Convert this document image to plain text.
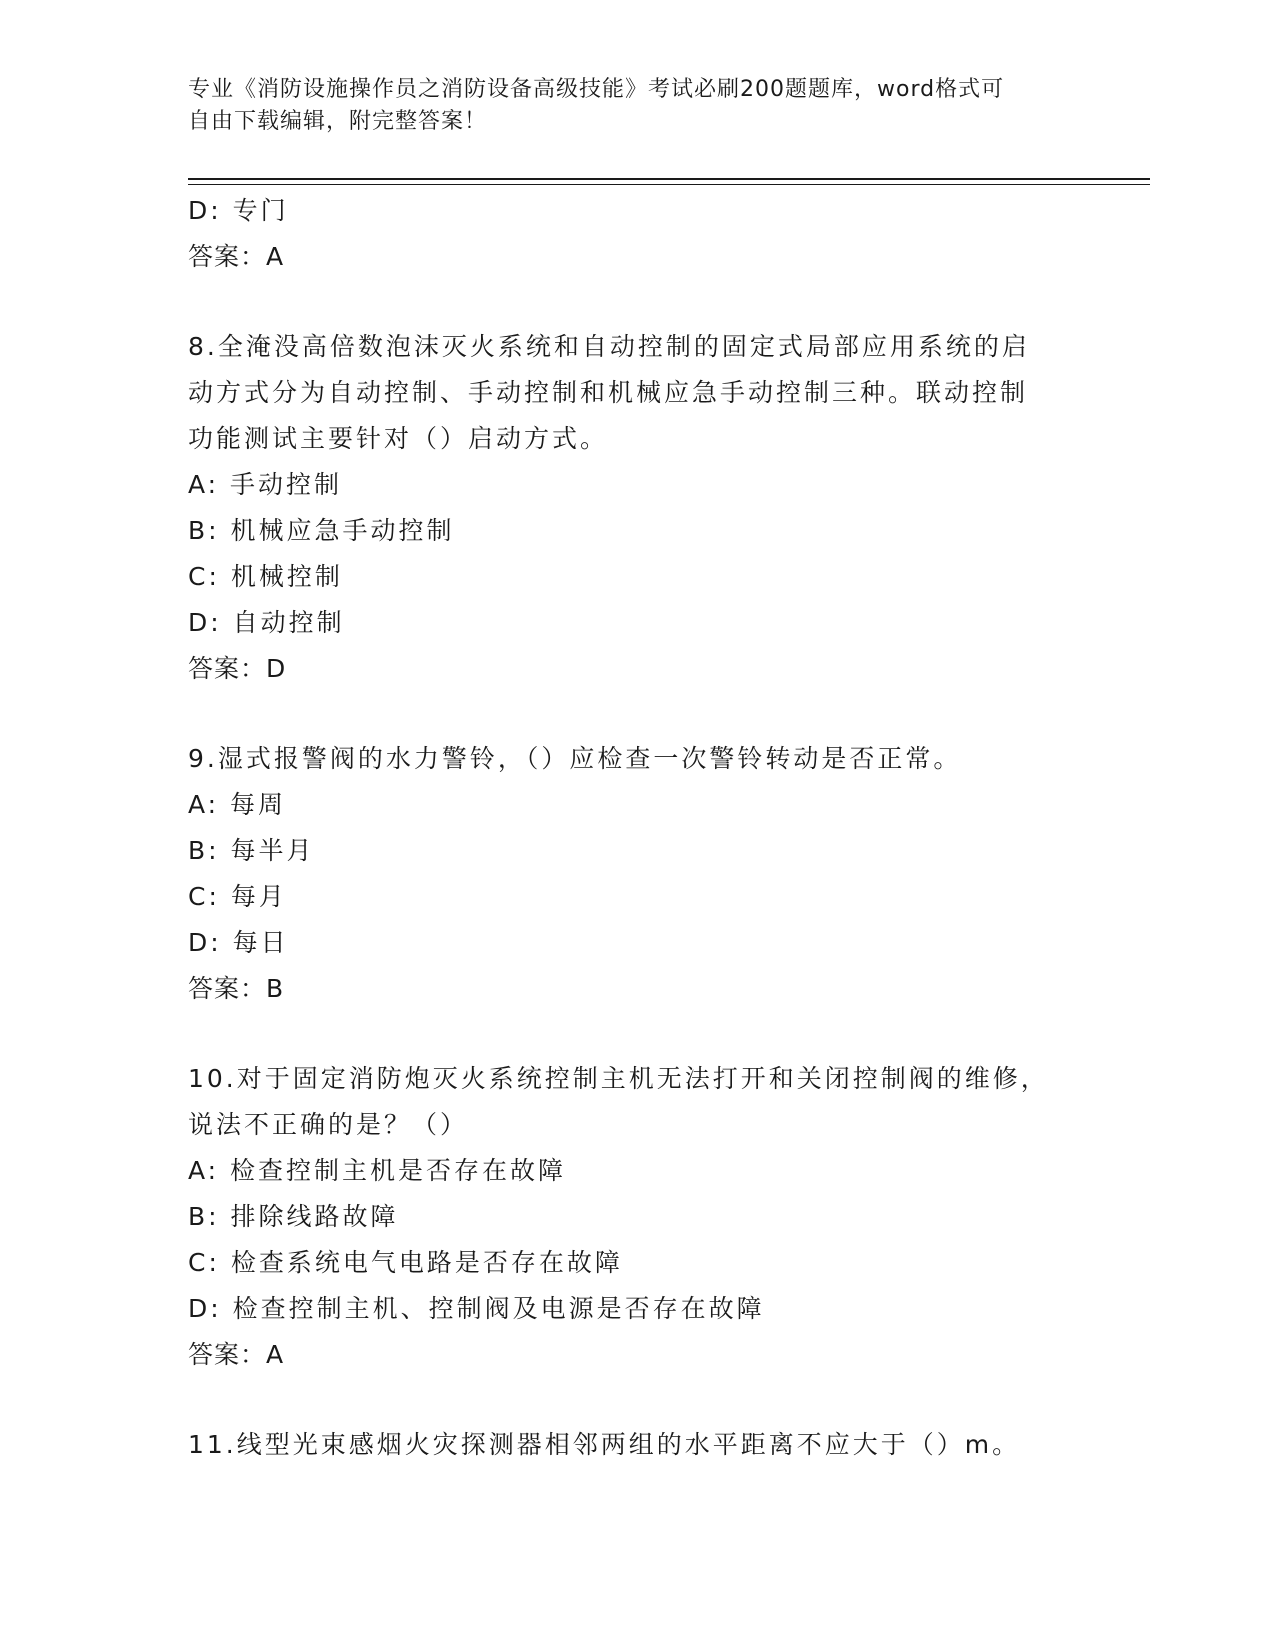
专业《消防设施操作员之消防设备高级技能》考试必刷200题题库，word格式可
自由下载编辑，附完整答案！
D: 专门
答案：A
8.全淹没高倍数泡沫灭火系统和自动控制的固定式局部应用系统的启
动方式分为自动控制、手动控制和机械应急手动控制三种。联动控制
功能测试主要针对（）启动方式。
A: 手动控制
B: 机械应急手动控制
C: 机械控制
D: 自动控制
答案：D
9.湿式报警阀的水力警铃，（）应检查一次警铃转动是否正常。
A: 每周
B: 每半月
C: 每月
D: 每日
答案：B
10.对于固定消防炮灭火系统控制主机无法打开和关闭控制阀的维修，
说法不正确的是？（）
A: 检查控制主机是否存在故障
B: 排除线路故障
C: 检查系统电气电路是否存在故障
D: 检查控制主机、控制阀及电源是否存在故障
答案：A
11.线型光束感烟火灾探测器相邻两组的水平距离不应大于（）m。
